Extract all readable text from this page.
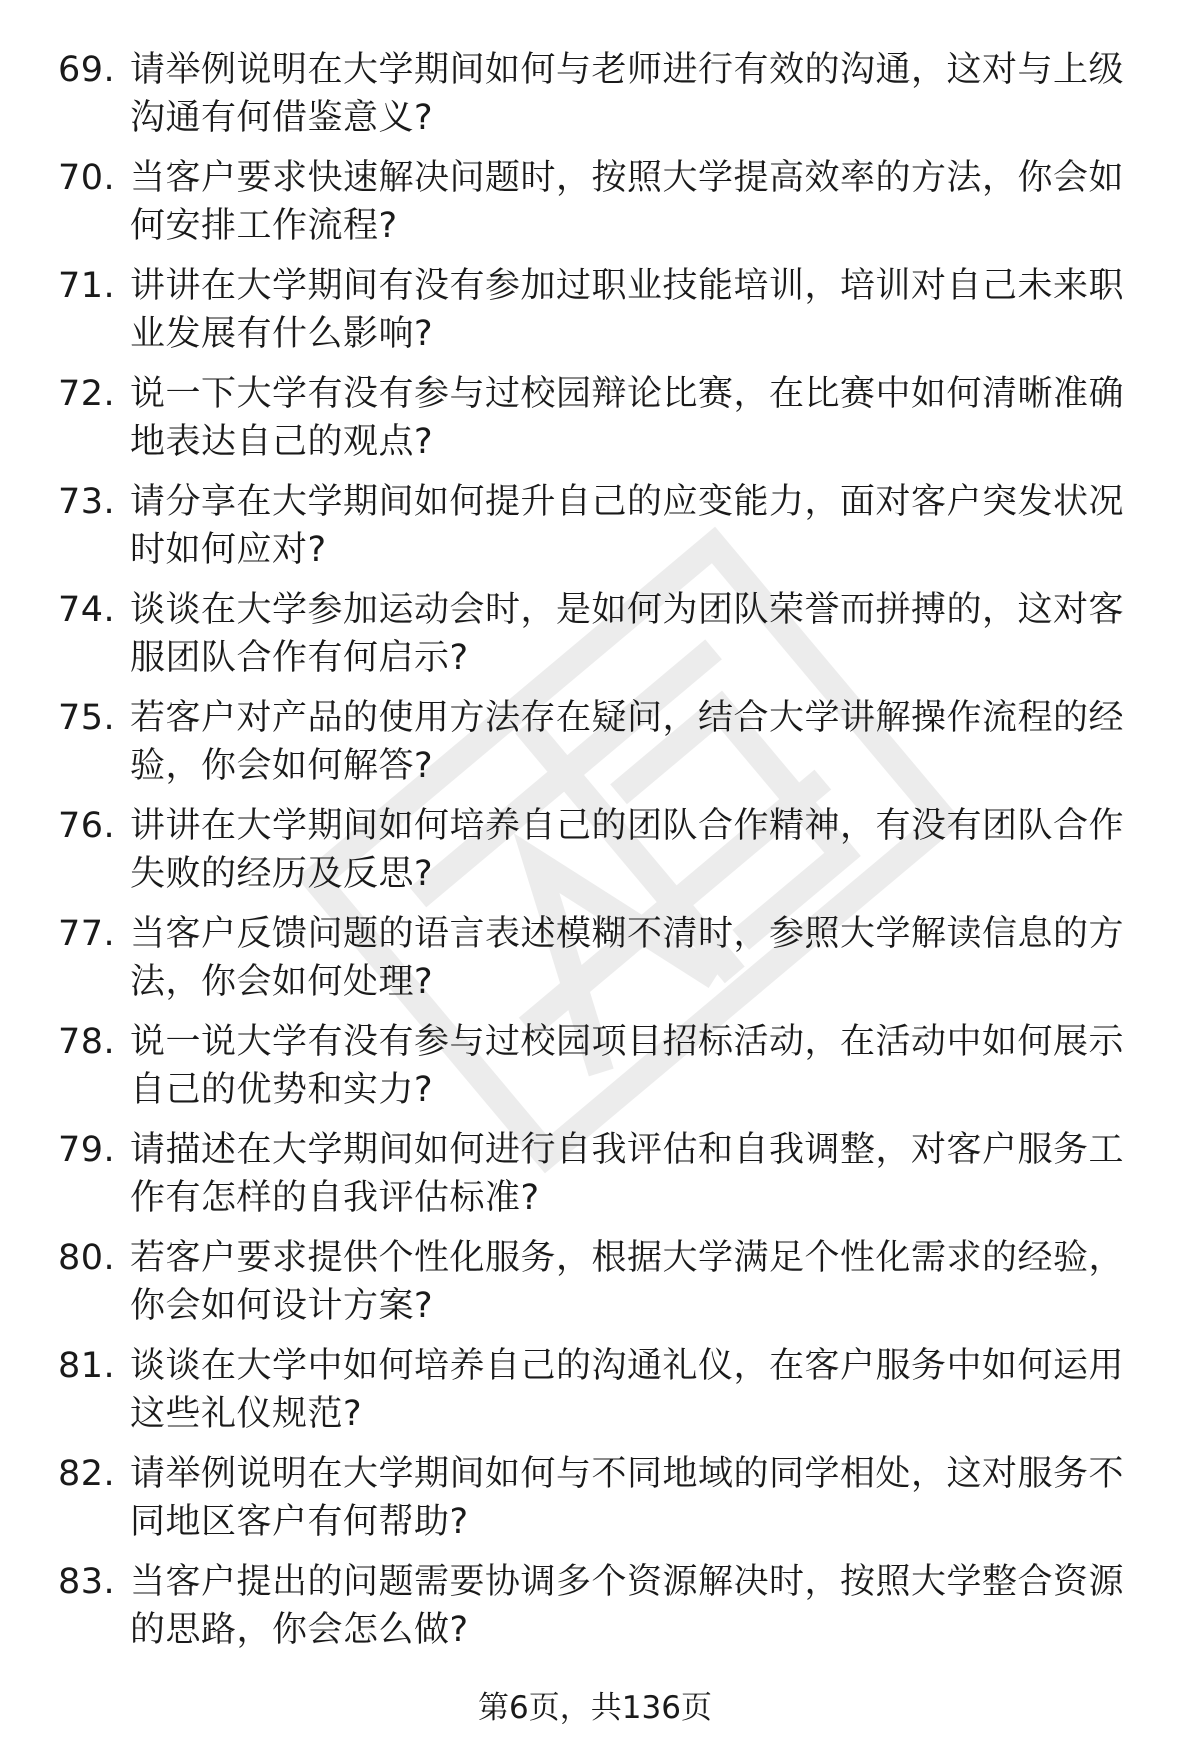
69. 请举例说明在大学期间如何与老师进行有效的沟通，这对与上级沟通有何借鉴意义?
70. 当客户要求快速解决问题时，按照大学提高效率的方法，你会如何安排工作流程?
71. 讲讲在大学期间有没有参加过职业技能培训，培训对自己未来职业发展有什么影响?
72. 说一下大学有没有参与过校园辩论比赛，在比赛中如何清晰准确地表达自己的观点?
73. 请分享在大学期间如何提升自己的应变能力，面对客户突发状况时如何应对?
74. 谈谈在大学参加运动会时，是如何为团队荣誉而拼搏的，这对客服团队合作有何启示?
75. 若客户对产品的使用方法存在疑问，结合大学讲解操作流程的经验，你会如何解答?
76. 讲讲在大学期间如何培养自己的团队合作精神，有没有团队合作失败的经历及反思?
77. 当客户反馈问题的语言表述模糊不清时，参照大学解读信息的方法，你会如何处理?
78. 说一说大学有没有参与过校园项目招标活动，在活动中如何展示自己的优势和实力?
79. 请描述在大学期间如何进行自我评估和自我调整，对客户服务工作有怎样的自我评估标准?
80. 若客户要求提供个性化服务，根据大学满足个性化需求的经验，你会如何设计方案?
81. 谈谈在大学中如何培养自己的沟通礼仪，在客户服务中如何运用这些礼仪规范?
82. 请举例说明在大学期间如何与不同地域的同学相处，这对服务不同地区客户有何帮助?
83. 当客户提出的问题需要协调多个资源解决时，按照大学整合资源的思路，你会怎么做?
第6页，共136页
